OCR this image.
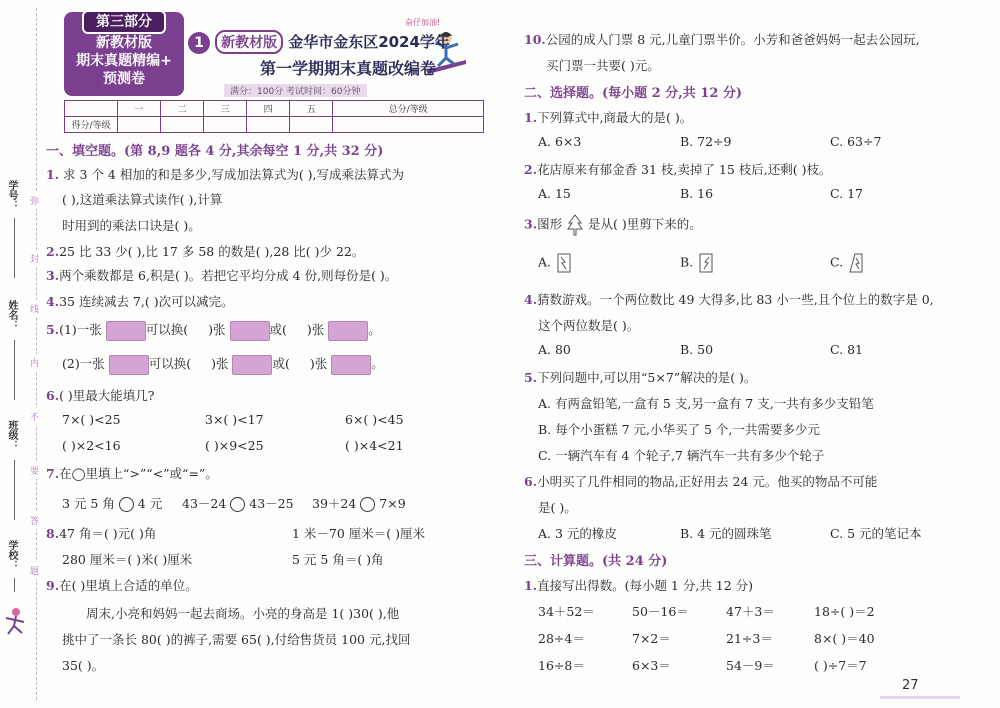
学号：
姓名：
班级：
学校：
弥
封
线
内
不
要
答
题
第三部分
新教材版
期末真题精编+
预测卷
奋仔加油!
1 新教材版 金华市金东区2024学年
第一学期期末真题改编卷
满分：100分 考试时间：60分钟
	一	二	三	四	五	总分/等级
得分/等级						
一、填空题。(第 8,9 题各 4 分,其余每空 1 分,共 32 分)
1. 求 3 个 4 相加的和是多少,写成加法算式为( ),写成乘法算式为
( ),这道乘法算式读作( ),计算
时用到的乘法口诀是( )。
2.25 比 33 少( ),比 17 多 58 的数是( ),28 比( )少 22。
3.两个乘数都是 6,积是( )。若把它平均分成 4 份,则每份是( )。
4.35 连续减去 7,( )次可以减完。
5.(1)一张	可以换( )张	或( )张	。
(2)一张	可以换( )张	或( )张	。
6.( )里最大能填几?
7×( )<25	3×( )<17	6×( )<45
( )×2<16	( )×9<25	( )×4<21
7.在◯里填上“>”“<”或“=”。
3 元 5 角 4 元 43－24 43－25 39＋24 7×9
8.47 角＝( )元( )角	1 米－70 厘米＝( )厘米
280 厘米＝( )米( )厘米	5 元 5 角＝( )角
9.在( )里填上合适的单位。
周末,小亮和妈妈一起去商场。小亮的身高是 1( )30( ),他
挑中了一条长 80( )的裤子,需要 65( ),付给售货员 100 元,找回
35( )。
10.公园的成人门票 8 元,儿童门票半价。小芳和爸爸妈妈一起去公园玩,
买门票一共要( )元。
二、选择题。(每小题 2 分,共 12 分)
1.下列算式中,商最大的是( )。
A. 6×3	B. 72÷9	C. 63÷7
2.花店原来有郁金香 31 枝,卖掉了 15 枝后,还剩( )枝。
A. 15	B. 16	C. 17
3.图形 是从( )里剪下来的。
A.	B.	C.
4.猜数游戏。一个两位数比 49 大得多,比 83 小一些,且个位上的数字是 0,
这个两位数是( )。
A. 80	B. 50	C. 81
5.下列问题中,可以用“5×7”解决的是( )。
A. 有两盒铅笔,一盒有 5 支,另一盒有 7 支,一共有多少支铅笔
B. 每个小蛋糕 7 元,小华买了 5 个,一共需要多少元
C. 一辆汽车有 4 个轮子,7 辆汽车一共有多少个轮子
6.小明买了几件相同的物品,正好用去 24 元。他买的物品不可能
是( )。
A. 3 元的橡皮	B. 4 元的圆珠笔	C. 5 元的笔记本
三、计算题。(共 24 分)
1.直接写出得数。(每小题 1 分,共 12 分)
34＋52＝	50－16＝	47＋3＝	18÷( )＝2
28÷4＝	7×2＝	21÷3＝	8×( )＝40
16÷8＝	6×3＝	54－9＝	( )÷7＝7
27
